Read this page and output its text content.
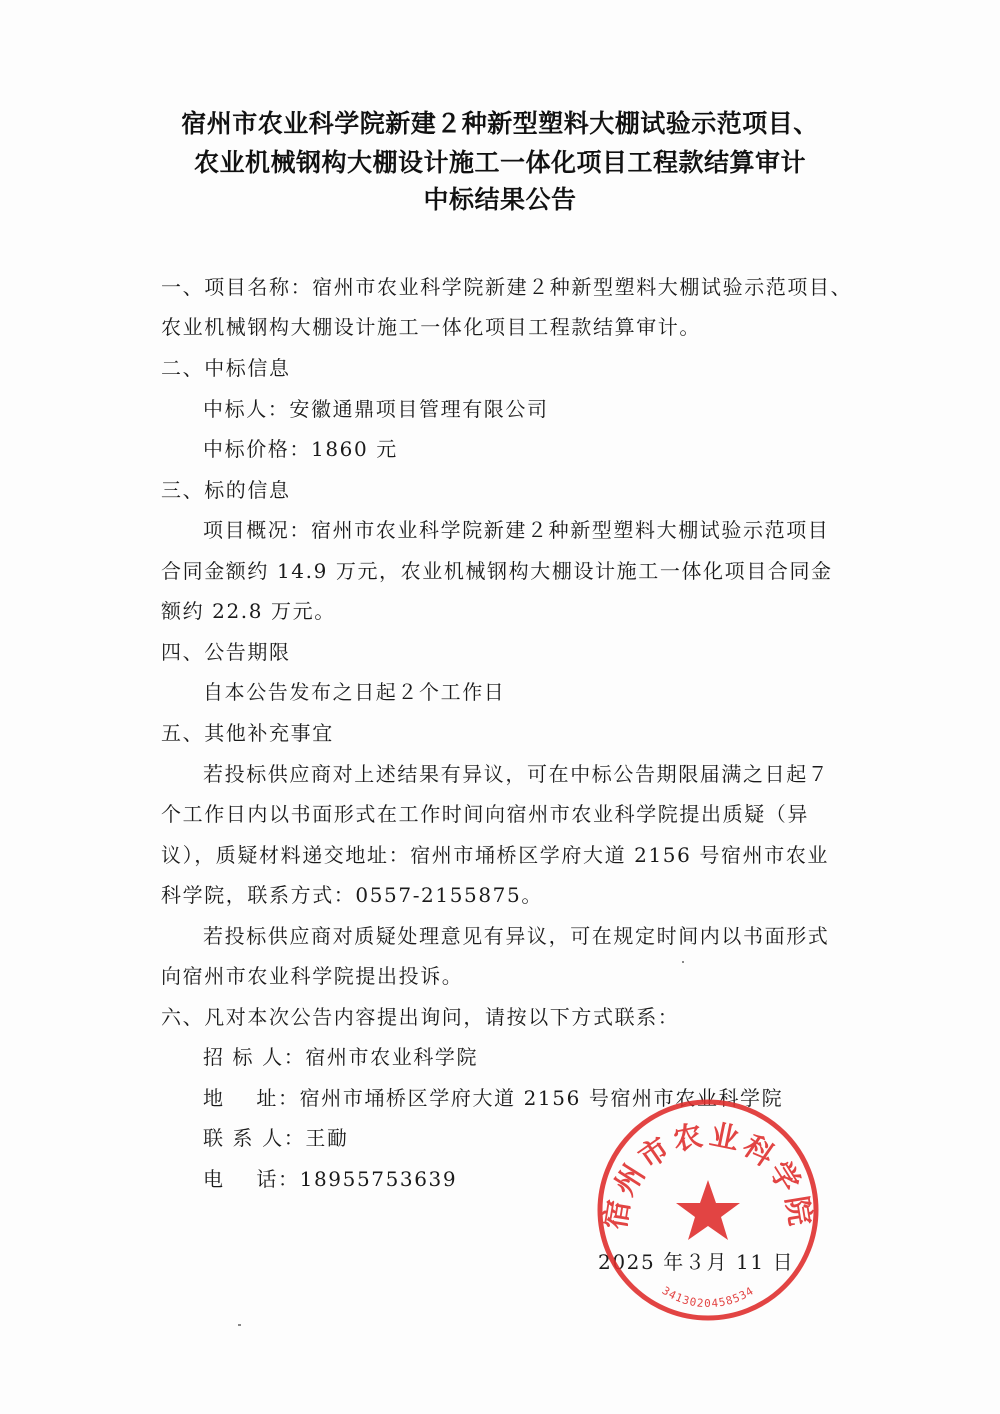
宿州市农业科学院新建２种新型塑料大棚试验示范项目、
农业机械钢构大棚设计施工一体化项目工程款结算审计
中标结果公告
一、项目名称：宿州市农业科学院新建２种新型塑料大棚试验示范项目、
农业机械钢构大棚设计施工一体化项目工程款结算审计。
二、中标信息
中标人：安徽通鼎项目管理有限公司
中标价格：1860 元
三、标的信息
项目概况：宿州市农业科学院新建２种新型塑料大棚试验示范项目
合同金额约 14.9 万元，农业机械钢构大棚设计施工一体化项目合同金
额约 22.8 万元。
四、公告期限
自本公告发布之日起２个工作日
五、其他补充事宜
若投标供应商对上述结果有异议，可在中标公告期限届满之日起７
个工作日内以书面形式在工作时间向宿州市农业科学院提出质疑（异
议），质疑材料递交地址：宿州市埇桥区学府大道 2156 号宿州市农业
科学院，联系方式：0557-2155875。
若投标供应商对质疑处理意见有异议，可在规定时间内以书面形式
向宿州市农业科学院提出投诉。
六、凡对本次公告内容提出询问，请按以下方式联系：
招 标 人：宿州市农业科学院
地    址：宿州市埇桥区学府大道 2156 号宿州市农业科学院
联 系 人：王勔
电    话：18955753639
2025 年３月 11 日
宿州市农业科学院
3413020458534
